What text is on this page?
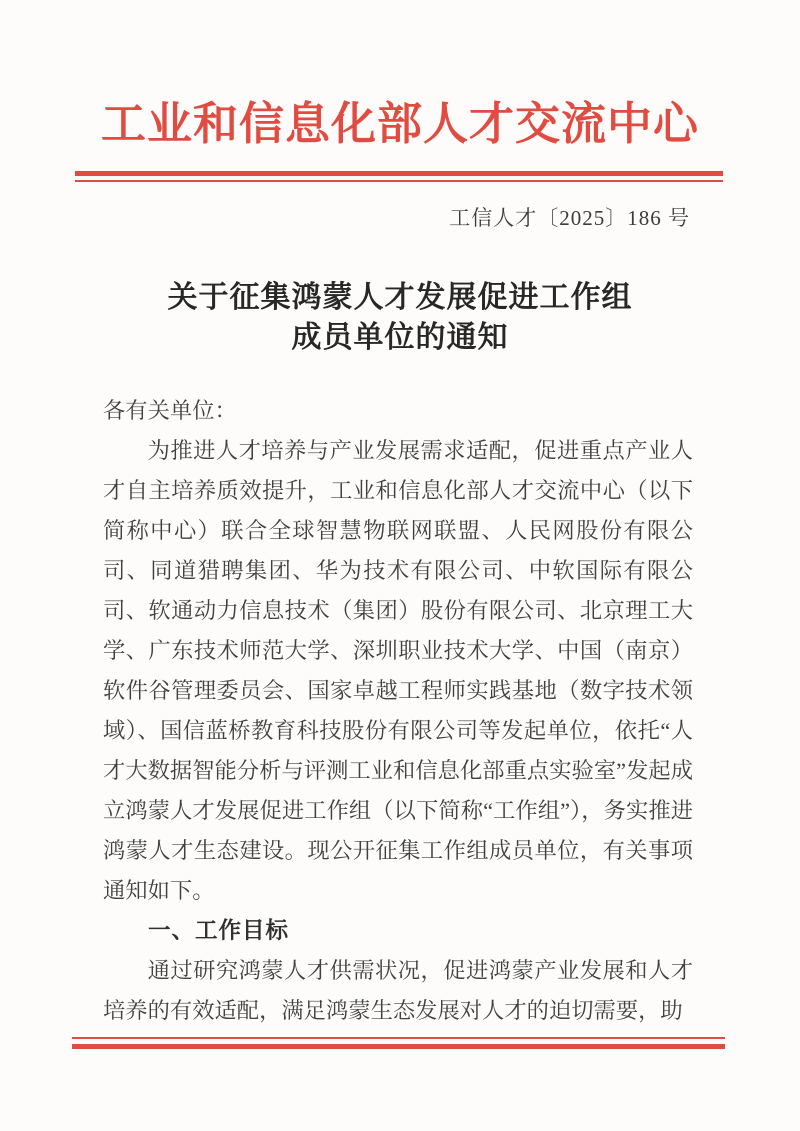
工业和信息化部人才交流中心
工信人才〔2025〕186 号
关于征集鸿蒙人才发展促进工作组
成员单位的通知

各有关单位：

为推进人才培养与产业发展需求适配，促进重点产业人才自主培养质效提升，工业和信息化部人才交流中心（以下简称中心）联合全球智慧物联网联盟、人民网股份有限公司、同道猎聘集团、华为技术有限公司、中软国际有限公司、软通动力信息技术（集团）股份有限公司、北京理工大学、广东技术师范大学、深圳职业技术大学、中国（南京）软件谷管理委员会、国家卓越工程师实践基地（数字技术领域）、国信蓝桥教育科技股份有限公司等发起单位，依托“人才大数据智能分析与评测工业和信息化部重点实验室”发起成立鸿蒙人才发展促进工作组（以下简称“工作组”），务实推进鸿蒙人才生态建设。现公开征集工作组成员单位，有关事项通知如下。

一、工作目标

通过研究鸿蒙人才供需状况，促进鸿蒙产业发展和人才培养的有效适配，满足鸿蒙生态发展对人才的迫切需要，助
